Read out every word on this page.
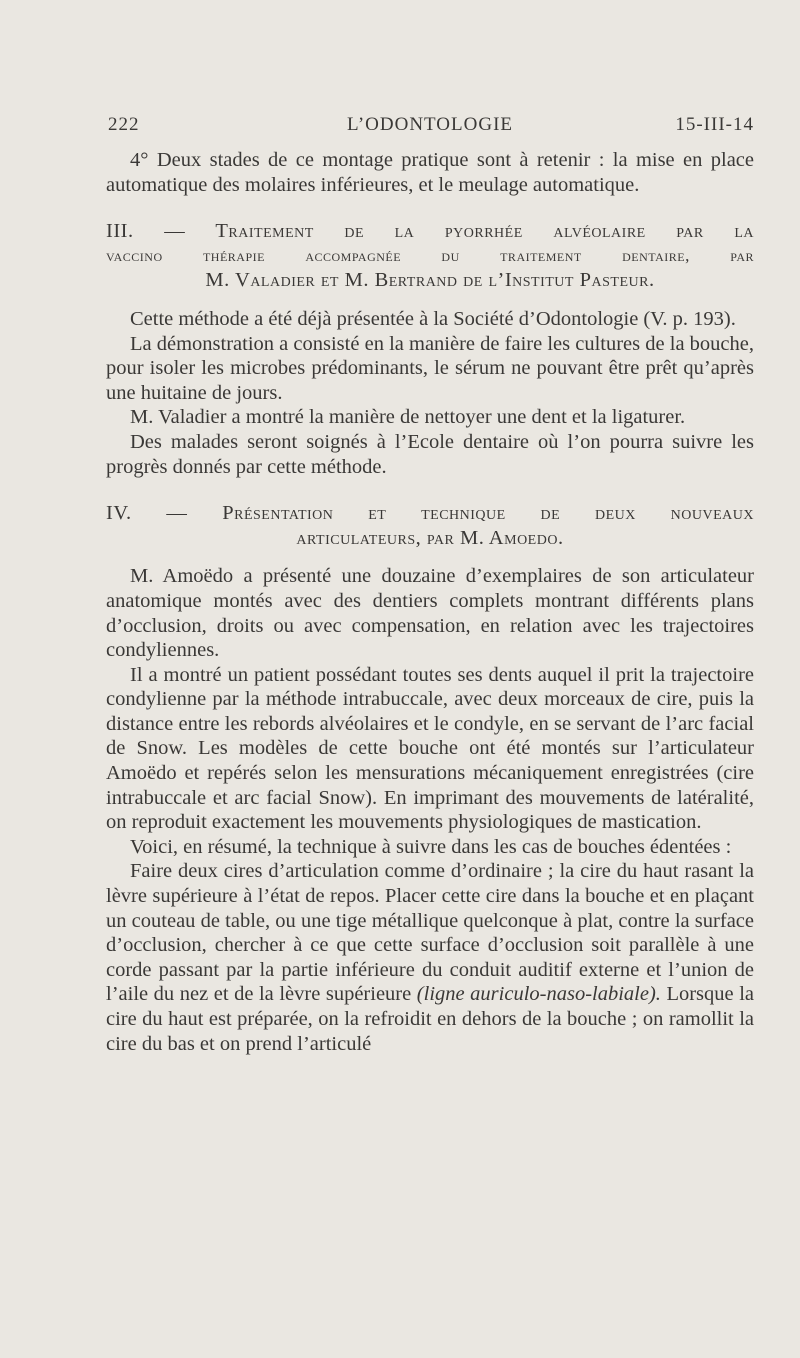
222	L’ODONTOLOGIE	15-III-14

4° Deux stades de ce montage pratique sont à retenir : la mise en place automatique des molaires inférieures, et le meulage automatique.

III. — Traitement de la pyorrhée alvéolaire par la
vaccino thérapie accompagnée du traitement dentaire, par
M. Valadier et M. Bertrand de l’Institut Pasteur.

Cette méthode a été déjà présentée à la Société d’Odontologie (V. p. 193).

La démonstration a consisté en la manière de faire les cultures de la bouche, pour isoler les microbes prédominants, le sérum ne pouvant être prêt qu’après une huitaine de jours.

M. Valadier a montré la manière de nettoyer une dent et la ligaturer.

Des malades seront soignés à l’Ecole dentaire où l’on pourra suivre les progrès donnés par cette méthode.

IV. — Présentation et technique de deux nouveaux
articulateurs, par M. Amoedo.

M. Amoëdo a présenté une douzaine d’exemplaires de son articulateur anatomique montés avec des dentiers complets montrant différents plans d’occlusion, droits ou avec compensation, en relation avec les trajectoires condyliennes.

Il a montré un patient possédant toutes ses dents auquel il prit la trajectoire condylienne par la méthode intrabuccale, avec deux morceaux de cire, puis la distance entre les rebords alvéolaires et le condyle, en se servant de l’arc facial de Snow. Les modèles de cette bouche ont été montés sur l’articulateur Amoëdo et repérés selon les mensurations mécaniquement enregistrées (cire intrabuccale et arc facial Snow). En imprimant des mouvements de latéralité, on reproduit exactement les mouvements physiologiques de mastication.

Voici, en résumé, la technique à suivre dans les cas de bouches édentées :

Faire deux cires d’articulation comme d’ordinaire ; la cire du haut rasant la lèvre supérieure à l’état de repos. Placer cette cire dans la bouche et en plaçant un couteau de table, ou une tige métallique quelconque à plat, contre la surface d’occlusion, chercher à ce que cette surface d’occlusion soit parallèle à une corde passant par la partie inférieure du conduit auditif externe et l’union de l’aile du nez et de la lèvre supérieure (ligne auriculo-naso-labiale). Lorsque la cire du haut est préparée, on la refroidit en dehors de la bouche ; on ramollit la cire du bas et on prend l’articulé
